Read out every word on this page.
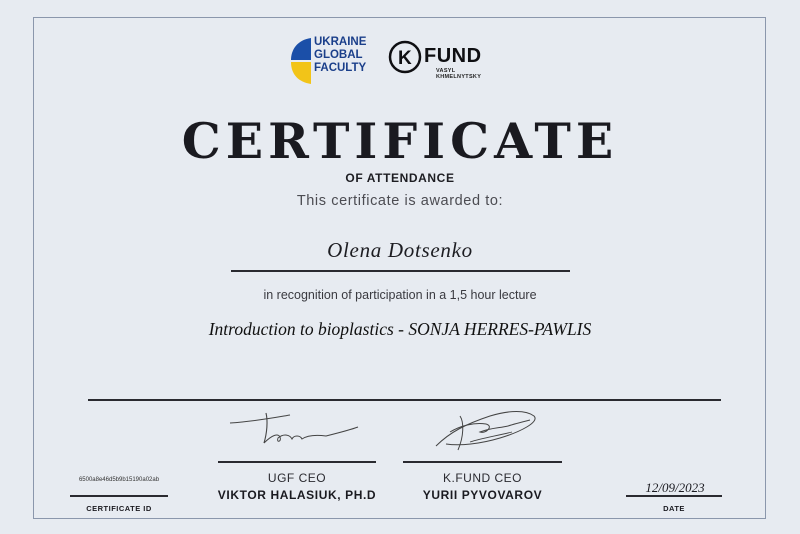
UKRAINE
GLOBAL
FACULTY	K FUND
VASYL
KHMELNYTSKY
CERTIFICATE
OF ATTENDANCE
This certificate is awarded to:
Olena Dotsenko
in recognition of participation in a 1,5 hour lecture
Introduction to bioplastics - SONJA HERRES-PAWLIS
UGF CEO
VIKTOR HALASIUK, PH.D
K.FUND CEO
YURII PYVOVAROV
6500a8e46d5b9b15190a02ab
CERTIFICATE ID
12/09/2023
DATE
